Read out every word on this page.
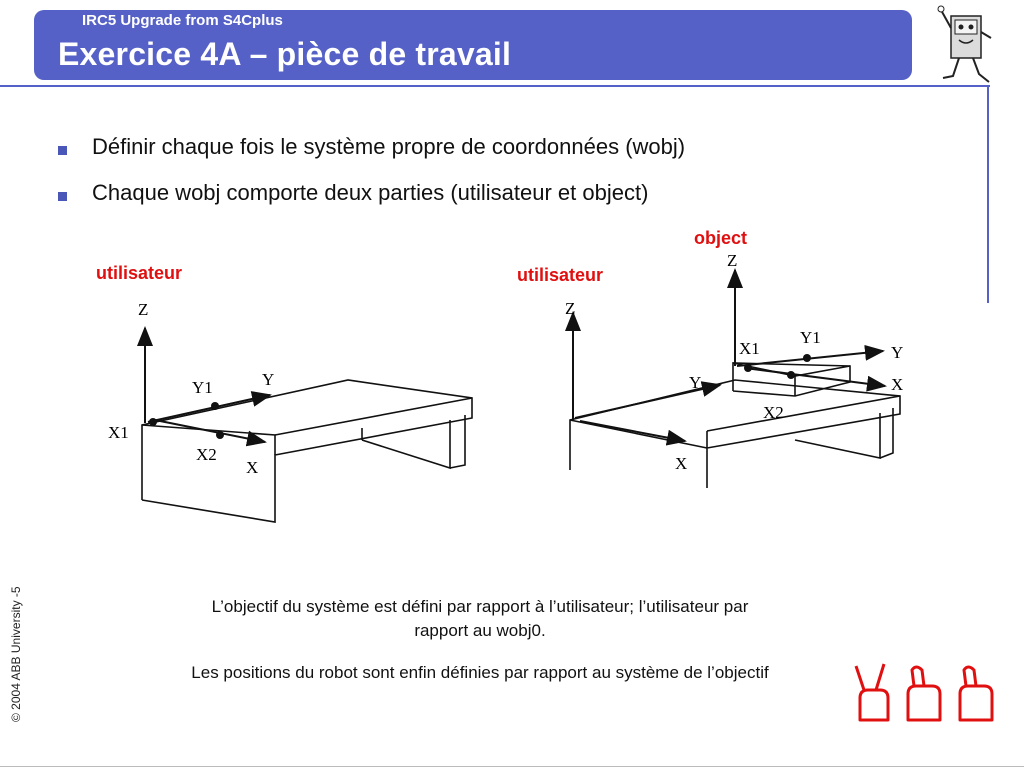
IRC5 Upgrade from S4Cplus
Exercice 4A – pièce de travail
Définir chaque fois le système propre de coordonnées (wobj)
Chaque wobj comporte deux parties (utilisateur et object)
utilisateur	utilisateur
object
Z
Y
X
X1
Y1
X2
Z
Z
Y
X
X1
Y1
Y
X
X2
L’objectif du système est défini par rapport à l’utilisateur; l’utilisateur par
rapport au wobj0.
Les positions du robot sont enfin définies par rapport au système de l’objectif
© 2004 ABB University -5
